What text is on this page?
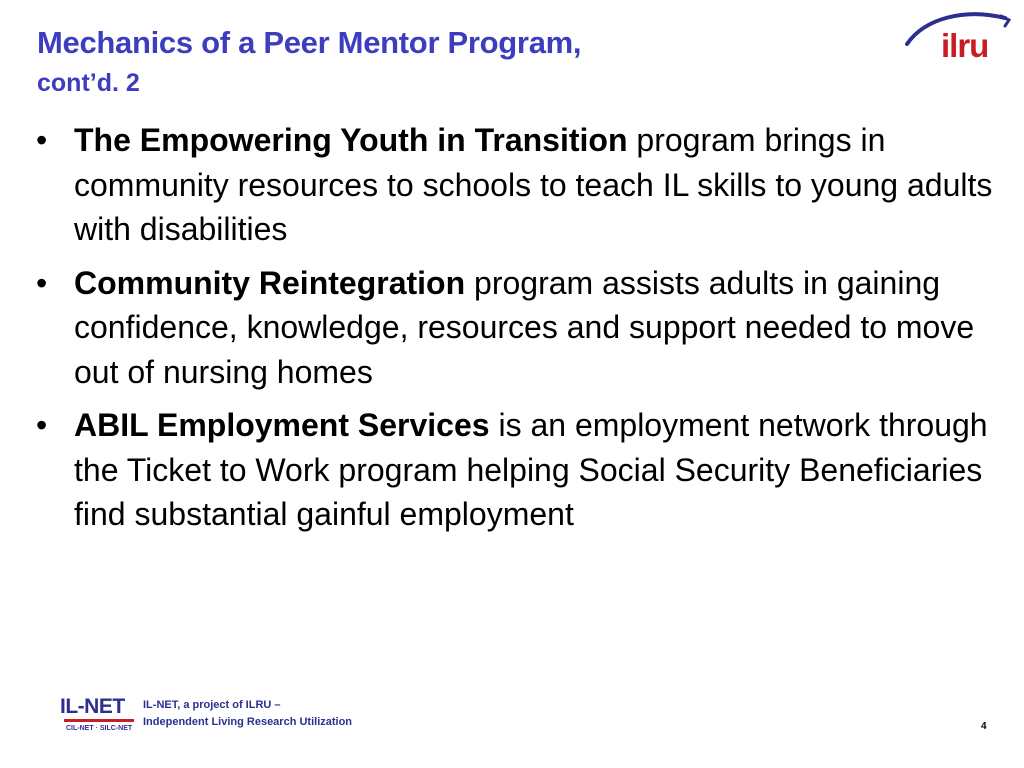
Mechanics of a Peer Mentor Program,
cont’d. 2
ilru
• The Empowering Youth in Transition program brings in community resources to schools to teach IL skills to young adults with disabilities
• Community Reintegration program assists adults in gaining confidence, knowledge, resources and support needed to move out of nursing homes
• ABIL Employment Services is an employment network through the Ticket to Work program helping Social Security Beneficiaries find substantial gainful employment
IL-NET
CIL-NET · SILC-NET
IL-NET, a project of ILRU –
Independent Living Research Utilization	4
